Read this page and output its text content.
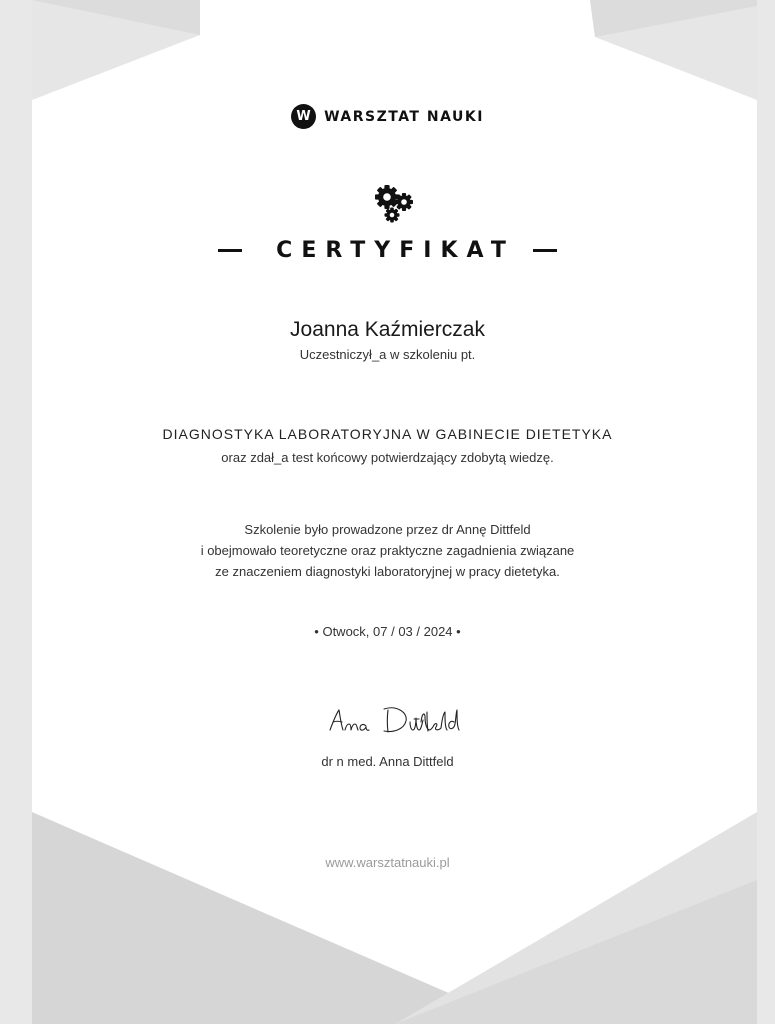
W WARSZTAT NAUKI
CERTYFIKAT
Joanna Kaźmierczak
Uczestniczył_a w szkoleniu pt.
DIAGNOSTYKA LABORATORYJNA W GABINECIE DIETETYKA
oraz zdał_a test końcowy potwierdzający zdobytą wiedzę.
Szkolenie było prowadzone przez dr Annę Dittfeld
i obejmowało teoretyczne oraz praktyczne zagadnienia związane
ze znaczeniem diagnostyki laboratoryjnej w pracy dietetyka.
• Otwock, 07 / 03 / 2024 •
dr n med. Anna Dittfeld
www.warsztatnauki.pl
